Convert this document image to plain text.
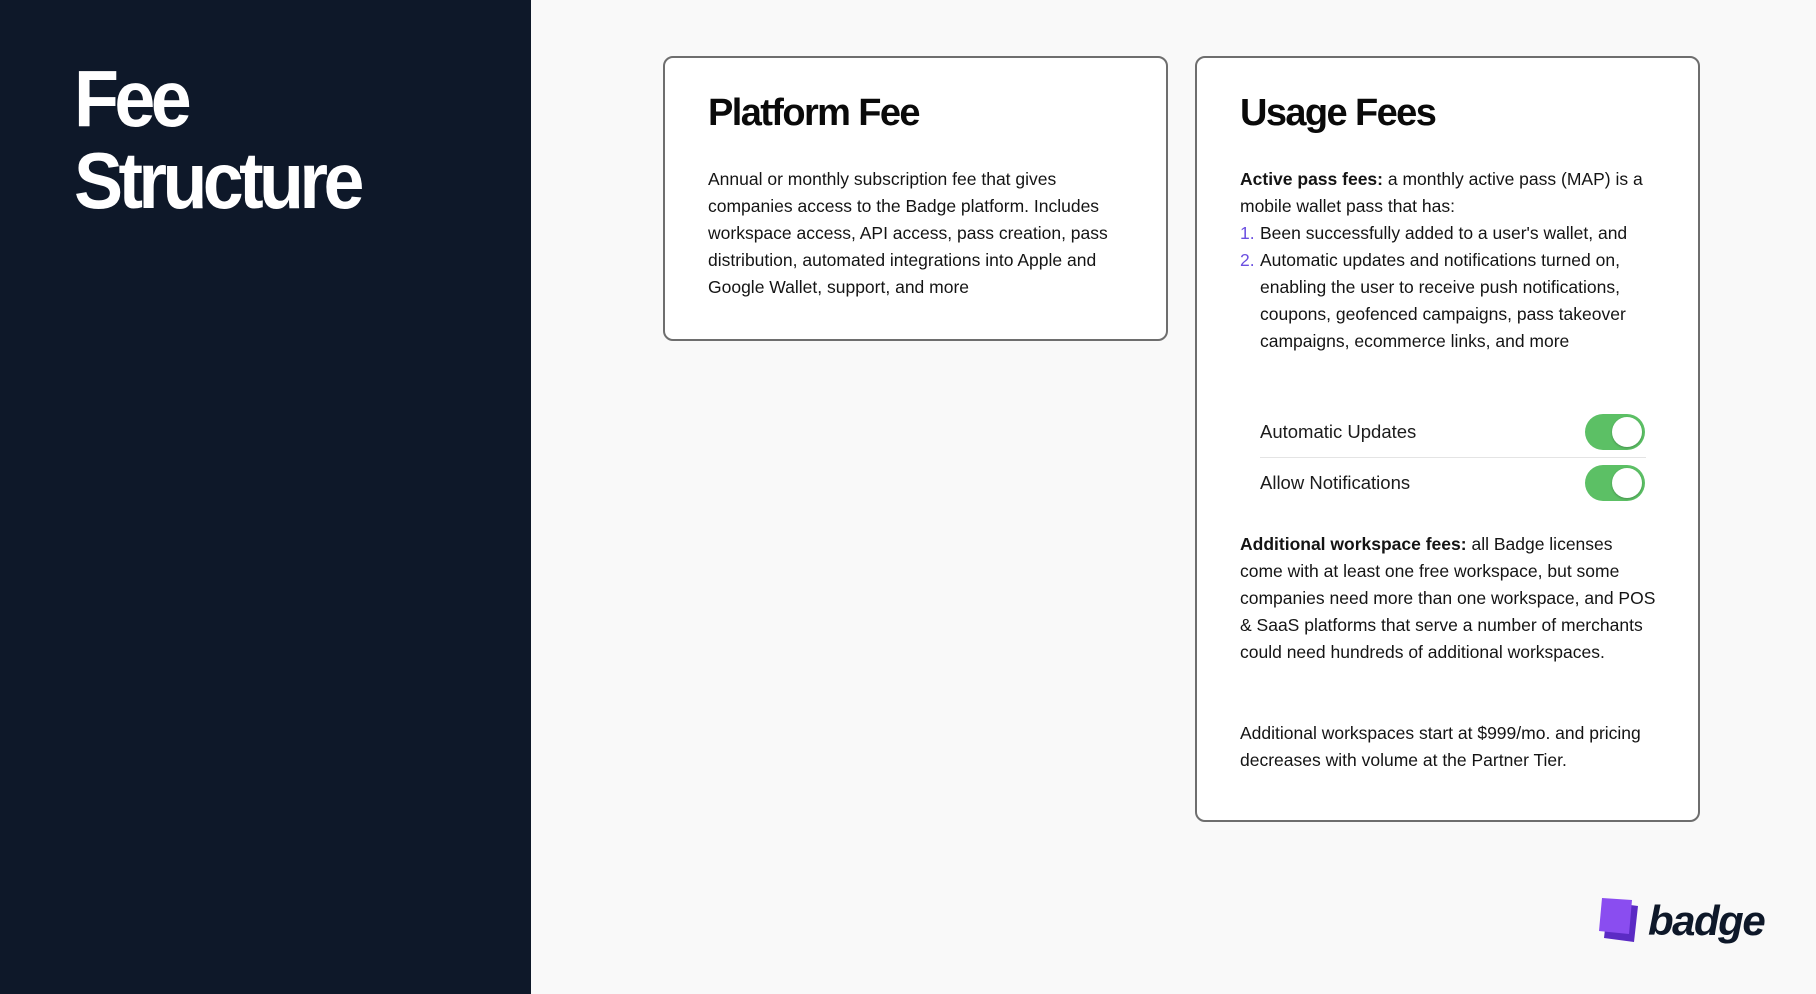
Fee
Structure
Platform Fee

Annual or monthly subscription fee that gives companies access to the Badge platform. Includes workspace access, API access, pass creation, pass distribution, automated integrations into Apple and Google Wallet, support, and more

Usage Fees

Active pass fees: a monthly active pass (MAP) is a mobile wallet pass that has:

1. Been successfully added to a user's wallet, and
2. Automatic updates and notifications turned on, enabling the user to receive push notifications, coupons, geofenced campaigns, pass takeover campaigns, ecommerce links, and more
Automatic Updates
Allow Notifications

Additional workspace fees: all Badge licenses come with at least one free workspace, but some companies need more than one workspace, and POS & SaaS platforms that serve a number of merchants could need hundreds of additional workspaces.

Additional workspaces start at $999/mo. and pricing decreases with volume at the Partner Tier.

badge
